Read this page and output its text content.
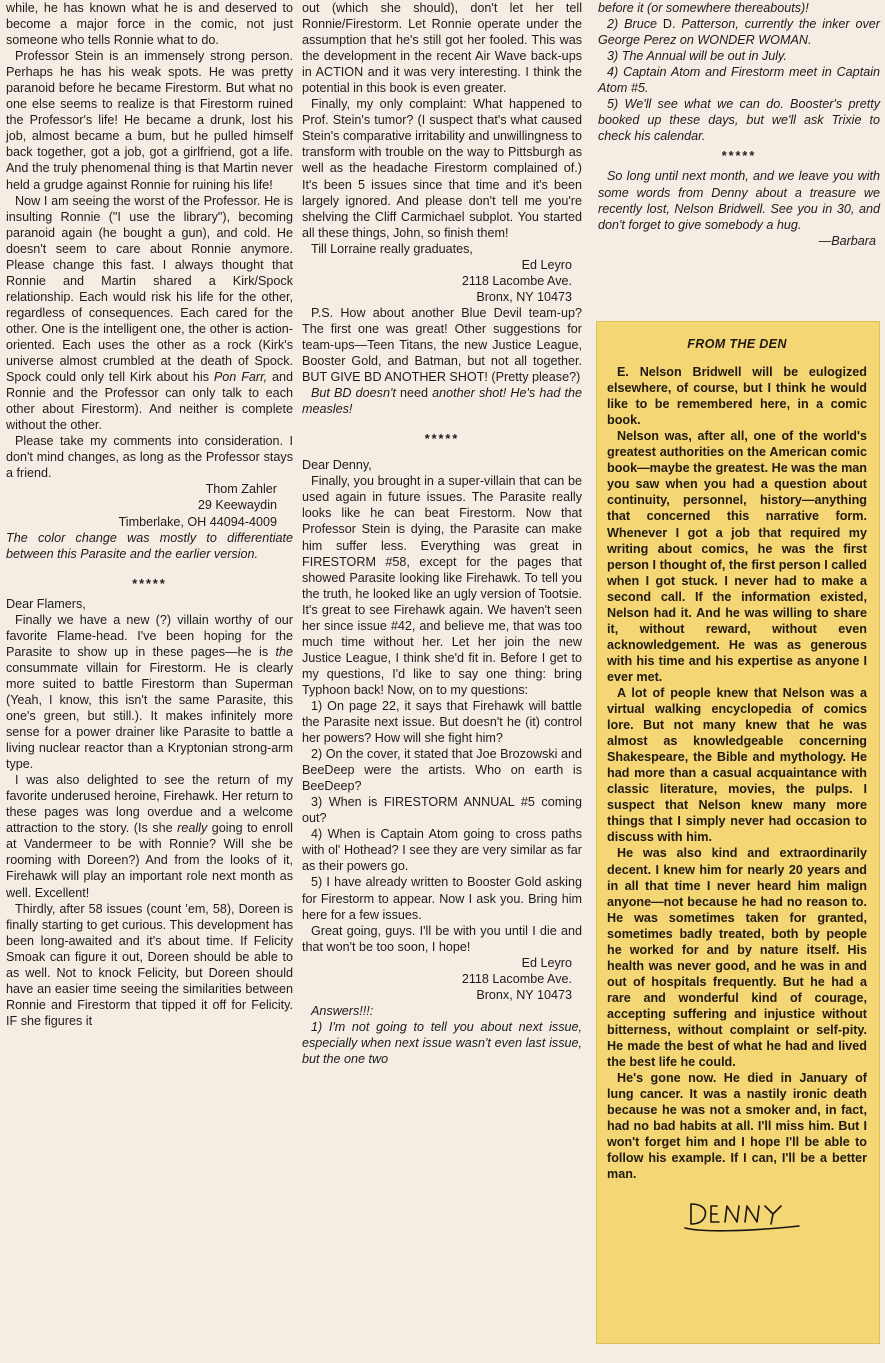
while, he has known what he is and deserved to become a major force in the comic, not just someone who tells Ronnie what to do.

Professor Stein is an immensely strong person. Perhaps he has his weak spots. He was pretty paranoid before he became Firestorm. But what no one else seems to realize is that Firestorm ruined the Professor's life! He became a drunk, lost his job, almost became a bum, but he pulled himself back together, got a job, got a girlfriend, got a life. And the truly phenomenal thing is that Martin never held a grudge against Ronnie for ruining his life!

Now I am seeing the worst of the Professor. He is insulting Ronnie ("I use the library"), becoming paranoid again (he bought a gun), and cold. He doesn't seem to care about Ronnie anymore. Please change this fast. I always thought that Ronnie and Martin shared a Kirk/Spock relationship. Each would risk his life for the other, regardless of consequences. Each cared for the other. One is the intelligent one, the other is action-oriented. Each uses the other as a rock (Kirk's universe almost crumbled at the death of Spock. Spock could only tell Kirk about his Pon Farr, and Ronnie and the Professor can only talk to each other about Firestorm). And neither is complete without the other.

Please take my comments into consideration. I don't mind changes, as long as the Professor stays a friend.

Thom Zahler

29 Keewaydin

Timberlake, OH 44094-4009

The color change was mostly to differentiate between this Parasite and the earlier version.

*****

Dear Flamers,

Finally we have a new (?) villain worthy of our favorite Flame-head. I've been hoping for the Parasite to show up in these pages—he is the consummate villain for Firestorm. He is clearly more suited to battle Firestorm than Superman (Yeah, I know, this isn't the same Parasite, this one's green, but still.). It makes infinitely more sense for a power drainer like Parasite to battle a living nuclear reactor than a Kryptonian strong-arm type.

I was also delighted to see the return of my favorite underused heroine, Firehawk. Her return to these pages was long overdue and a welcome attraction to the story. (Is she really going to enroll at Vandermeer to be with Ronnie? Will she be rooming with Doreen?) And from the looks of it, Firehawk will play an important role next month as well. Excellent!

Thirdly, after 58 issues (count 'em, 58), Doreen is finally starting to get curious. This development has been long-awaited and it's about time. If Felicity Smoak can figure it out, Doreen should be able to as well. Not to knock Felicity, but Doreen should have an easier time seeing the similarities between Ronnie and Firestorm that tipped it off for Felicity. IF she figures it

out (which she should), don't let her tell Ronnie/Firestorm. Let Ronnie operate under the assumption that he's still got her fooled. This was the development in the recent Air Wave back-ups in ACTION and it was very interesting. I think the potential in this book is even greater.

Finally, my only complaint: What happened to Prof. Stein's tumor? (I suspect that's what caused Stein's comparative irritability and unwillingness to transform with trouble on the way to Pittsburgh as well as the headache Firestorm complained of.) It's been 5 issues since that time and it's been largely ignored. And please don't tell me you're shelving the Cliff Carmichael subplot. You started all these things, John, so finish them!

Till Lorraine really graduates,

Ed Leyro

2118 Lacombe Ave.

Bronx, NY 10473

P.S. How about another Blue Devil team-up? The first one was great! Other suggestions for team-ups—Teen Titans, the new Justice League, Booster Gold, and Batman, but not all together. BUT GIVE BD ANOTHER SHOT! (Pretty please?)

But BD doesn't need another shot! He's had the measles!

*****

Dear Denny,

Finally, you brought in a super-villain that can be used again in future issues. The Parasite really looks like he can beat Firestorm. Now that Professor Stein is dying, the Parasite can make him suffer less. Everything was great in FIRESTORM #58, except for the pages that showed Parasite looking like Firehawk. To tell you the truth, he looked like an ugly version of Tootsie. It's great to see Firehawk again. We haven't seen her since issue #42, and believe me, that was too much time without her. Let her join the new Justice League, I think she'd fit in. Before I get to my questions, I'd like to say one thing: bring Typhoon back! Now, on to my questions:

1) On page 22, it says that Firehawk will battle the Parasite next issue. But doesn't he (it) control her powers? How will she fight him?

2) On the cover, it stated that Joe Brozowski and BeeDeep were the artists. Who on earth is BeeDeep?

3) When is FIRESTORM ANNUAL #5 coming out?

4) When is Captain Atom going to cross paths with ol' Hothead? I see they are very similar as far as their powers go.

5) I have already written to Booster Gold asking for Firestorm to appear. Now I ask you. Bring him here for a few issues.

Great going, guys. I'll be with you until I die and that won't be too soon, I hope!

Ed Leyro

2118 Lacombe Ave.

Bronx, NY 10473

Answers!!!:

1) I'm not going to tell you about next issue, especially when next issue wasn't even last issue, but the one two

before it (or somewhere thereabouts)!

2) Bruce D. Patterson, currently the inker over George Perez on WONDER WOMAN.

3) The Annual will be out in July.

4) Captain Atom and Firestorm meet in Captain Atom #5.

5) We'll see what we can do. Booster's pretty booked up these days, but we'll ask Trixie to check his calendar.

*****

So long until next month, and we leave you with some words from Denny about a treasure we recently lost, Nelson Bridwell. See you in 30, and don't forget to give somebody a hug.

—Barbara

FROM THE DEN

E. Nelson Bridwell will be eulogized elsewhere, of course, but I think he would like to be remembered here, in a comic book.

Nelson was, after all, one of the world's greatest authorities on the American comic book—maybe the greatest. He was the man you saw when you had a question about continuity, personnel, history—anything that concerned this narrative form. Whenever I got a job that required my writing about comics, he was the first person I thought of, the first person I called when I got stuck. I never had to make a second call. If the information existed, Nelson had it. And he was willing to share it, without reward, without even acknowledgement. He was as generous with his time and his expertise as anyone I ever met.

A lot of people knew that Nelson was a virtual walking encyclopedia of comics lore. But not many knew that he was almost as knowledgeable concerning Shakespeare, the Bible and mythology. He had more than a casual acquaintance with classic literature, movies, the pulps. I suspect that Nelson knew many more things that I simply never had occasion to discuss with him.

He was also kind and extraordinarily decent. I knew him for nearly 20 years and in all that time I never heard him malign anyone—not because he had no reason to. He was sometimes taken for granted, sometimes badly treated, both by people he worked for and by nature itself. His health was never good, and he was in and out of hospitals frequently. But he had a rare and wonderful kind of courage, accepting suffering and injustice without bitterness, without complaint or self-pity. He made the best of what he had and lived the best life he could.

He's gone now. He died in January of lung cancer. It was a nastily ironic death because he was not a smoker and, in fact, had no bad habits at all. I'll miss him. But I won't forget him and I hope I'll be able to follow his example. If I can, I'll be a better man.
